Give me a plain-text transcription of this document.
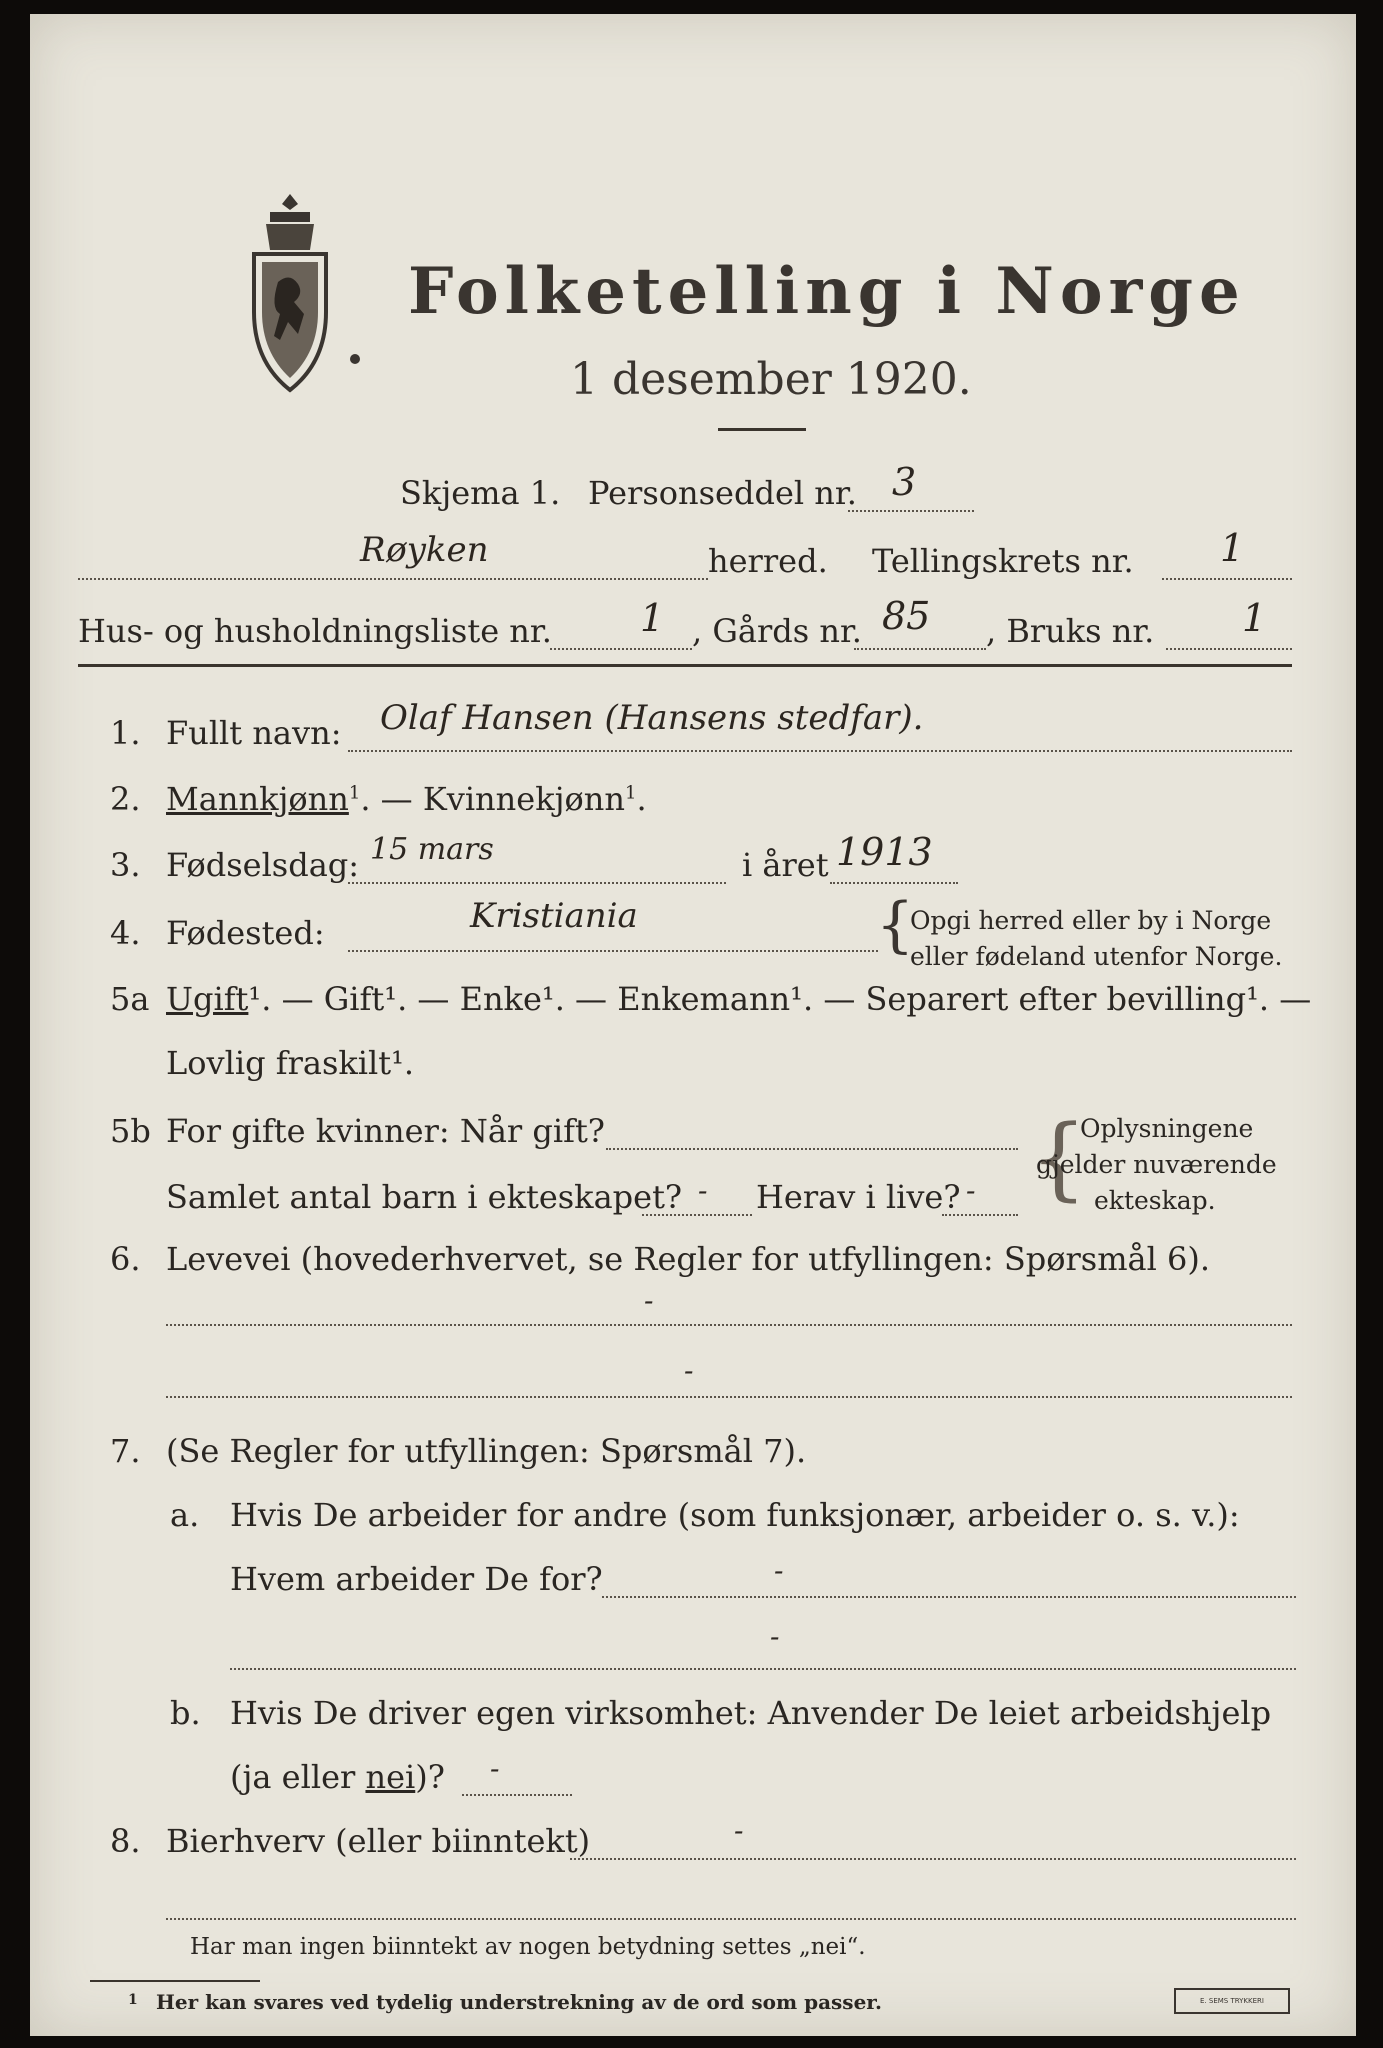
Folketelling i Norge
1 desember 1920.
Skjema 1. Personseddel nr. 3
Røyken	herred. Tellingskrets nr. 1
Hus- og husholdningsliste nr. 1 , Gårds nr. 85 , Bruks nr. 1
1. Fullt navn: Olaf Hansen (Hansens stedfar).
2. Mannkjønn$^1$. — Kvinnekjønn$^1$.
3. Fødselsdag: 15 mars	i året 1913
4. Fødested:	Kristiania	{
Opgi herred eller by i Norge
eller fødeland utenfor Norge.
5a Ugift¹. — Gift¹. — Enke¹. — Enkemann¹. — Separert efter bevilling¹. —
Lovlig fraskilt¹.
5b For gifte kvinner: Når gift?
Samlet antal barn i ekteskapet? - Herav i live? - {
Oplysningene
gjelder nuværende
ekteskap.
6. Levevei (hovederhvervet, se Regler for utfyllingen: Spørsmål 6).
-
-
7. (Se Regler for utfyllingen: Spørsmål 7).
a. Hvis De arbeider for andre (som funksjonær, arbeider o. s. v.):
Hvem arbeider De for?	-
-
b. Hvis De driver egen virksomhet: Anvender De leiet arbeidshjelp
(ja eller nei)? -
8. Bierhverv (eller biinntekt)	-
Har man ingen biinntekt av nogen betydning settes „nei“.
1 Her kan svares ved tydelig understrekning av de ord som passer.	E. SEMS TRYKKERI
